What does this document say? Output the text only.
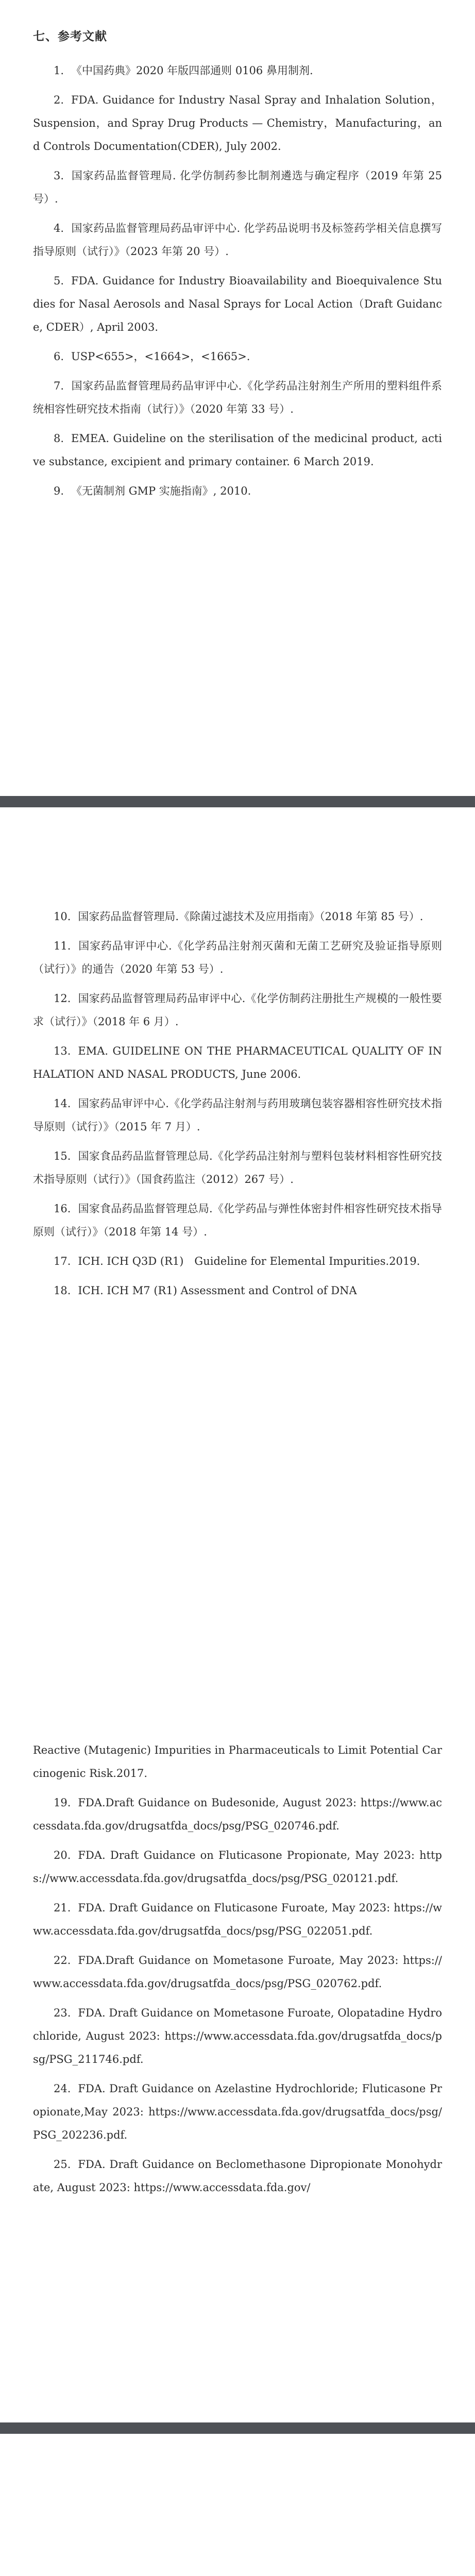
七、参考文献

1. 《中国药典》2020 年版四部通则 0106 鼻用制剂.

2. FDA. Guidance for Industry Nasal Spray and Inhalation Solution，Suspension，and Spray Drug Products — Chemistry，Manufacturing，and Controls Documentation(CDER), July 2002.

3. 国家药品监督管理局. 化学仿制药参比制剂遴选与确定程序（2019 年第 25 号）.

4. 国家药品监督管理局药品审评中心. 化学药品说明书及标签药学相关信息撰写指导原则（试行）》（2023 年第 20 号）.

5. FDA. Guidance for Industry Bioavailability and Bioequivalence Studies for Nasal Aerosols and Nasal Sprays for Local Action（Draft Guidance, CDER）, April 2003.

6. USP<655>，<1664>，<1665>.

7. 国家药品监督管理局药品审评中心.《化学药品注射剂生产所用的塑料组件系统相容性研究技术指南（试行）》（2020 年第 33 号）.

8. EMEA. Guideline on the sterilisation of the medicinal product, active substance, excipient and primary container. 6 March 2019.

9. 《无菌制剂 GMP 实施指南》, 2010.

10. 国家药品监督管理局.《除菌过滤技术及应用指南》（2018 年第 85 号）.

11. 国家药品审评中心.《化学药品注射剂灭菌和无菌工艺研究及验证指导原则（试行）》的通告（2020 年第 53 号）.

12. 国家药品监督管理局药品审评中心.《化学仿制药注册批生产规模的一般性要求（试行）》（2018 年 6 月）.

13. EMA. GUIDELINE ON THE PHARMACEUTICAL QUALITY OF INHALATION AND NASAL PRODUCTS, June 2006.

14. 国家药品审评中心.《化学药品注射剂与药用玻璃包装容器相容性研究技术指导原则（试行）》（2015 年 7 月）.

15. 国家食品药品监督管理总局.《化学药品注射剂与塑料包装材料相容性研究技术指导原则（试行）》（国食药监注（2012）267 号）.

16. 国家食品药品监督管理总局.《化学药品与弹性体密封件相容性研究技术指导原则（试行）》（2018 年第 14 号）.

17. ICH. ICH Q3D (R1)　Guideline for Elemental Impurities.2019.

18. ICH. ICH M7 (R1) Assessment and Control of DNA

Reactive (Mutagenic) Impurities in Pharmaceuticals to Limit Potential Carcinogenic Risk.2017.

19. FDA.Draft Guidance on Budesonide, August 2023: https://www.accessdata.fda.gov/drugsatfda_docs/psg/PSG_020746.pdf.

20. FDA. Draft Guidance on Fluticasone Propionate, May 2023: https://www.accessdata.fda.gov/drugsatfda_docs/psg/PSG_020121.pdf.

21. FDA. Draft Guidance on Fluticasone Furoate, May 2023: https://www.accessdata.fda.gov/drugsatfda_docs/psg/PSG_022051.pdf.

22. FDA.Draft Guidance on Mometasone Furoate, May 2023: https://www.accessdata.fda.gov/drugsatfda_docs/psg/PSG_020762.pdf.

23. FDA. Draft Guidance on Mometasone Furoate, Olopatadine Hydrochloride, August 2023: https://www.accessdata.fda.gov/drugsatfda_docs/psg/PSG_211746.pdf.

24. FDA. Draft Guidance on Azelastine Hydrochloride; Fluticasone Propionate,May 2023: https://www.accessdata.fda.gov/drugsatfda_docs/psg/PSG_202236.pdf.

25. FDA. Draft Guidance on Beclomethasone Dipropionate Monohydrate, August 2023: https://www.accessdata.fda.gov/
